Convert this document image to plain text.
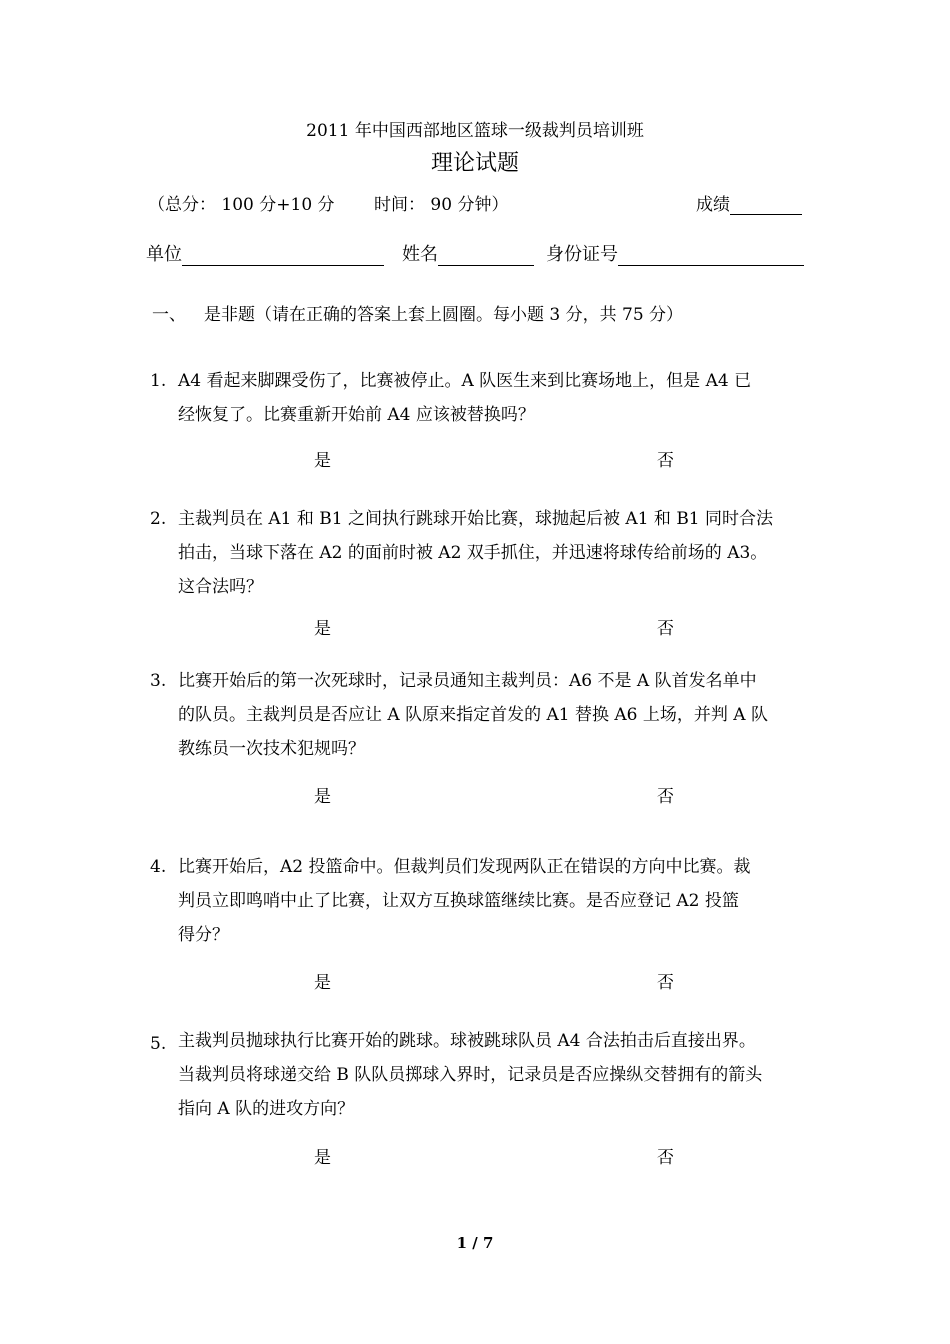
2011 年中国西部地区篮球一级裁判员培训班
理论试题
（总分： 100 分+10 分 时间： 90 分钟）	成绩
单位	姓名	身份证号
一、 是非题（请在正确的答案上套上圆圈。每小题 3 分，共 75 分）
1. A4 看起来脚踝受伤了，比赛被停止。A 队医生来到比赛场地上，但是 A4 已
经恢复了。比赛重新开始前 A4 应该被替换吗？
是	否
2. 主裁判员在 A1 和 B1 之间执行跳球开始比赛，球抛起后被 A1 和 B1 同时合法
拍击，当球下落在 A2 的面前时被 A2 双手抓住，并迅速将球传给前场的 A3。
这合法吗？
是	否
3. 比赛开始后的第一次死球时，记录员通知主裁判员：A6 不是 A 队首发名单中
的队员。主裁判员是否应让 A 队原来指定首发的 A1 替换 A6 上场，并判 A 队
教练员一次技术犯规吗？
是	否
4. 比赛开始后，A2 投篮命中。但裁判员们发现两队正在错误的方向中比赛。裁
判员立即鸣哨中止了比赛，让双方互换球篮继续比赛。是否应登记 A2 投篮
得分？
是	否
5. 主裁判员抛球执行比赛开始的跳球。球被跳球队员 A4 合法拍击后直接出界。
当裁判员将球递交给 B 队队员掷球入界时，记录员是否应操纵交替拥有的箭头
指向 A 队的进攻方向？
是	否
1 / 7
